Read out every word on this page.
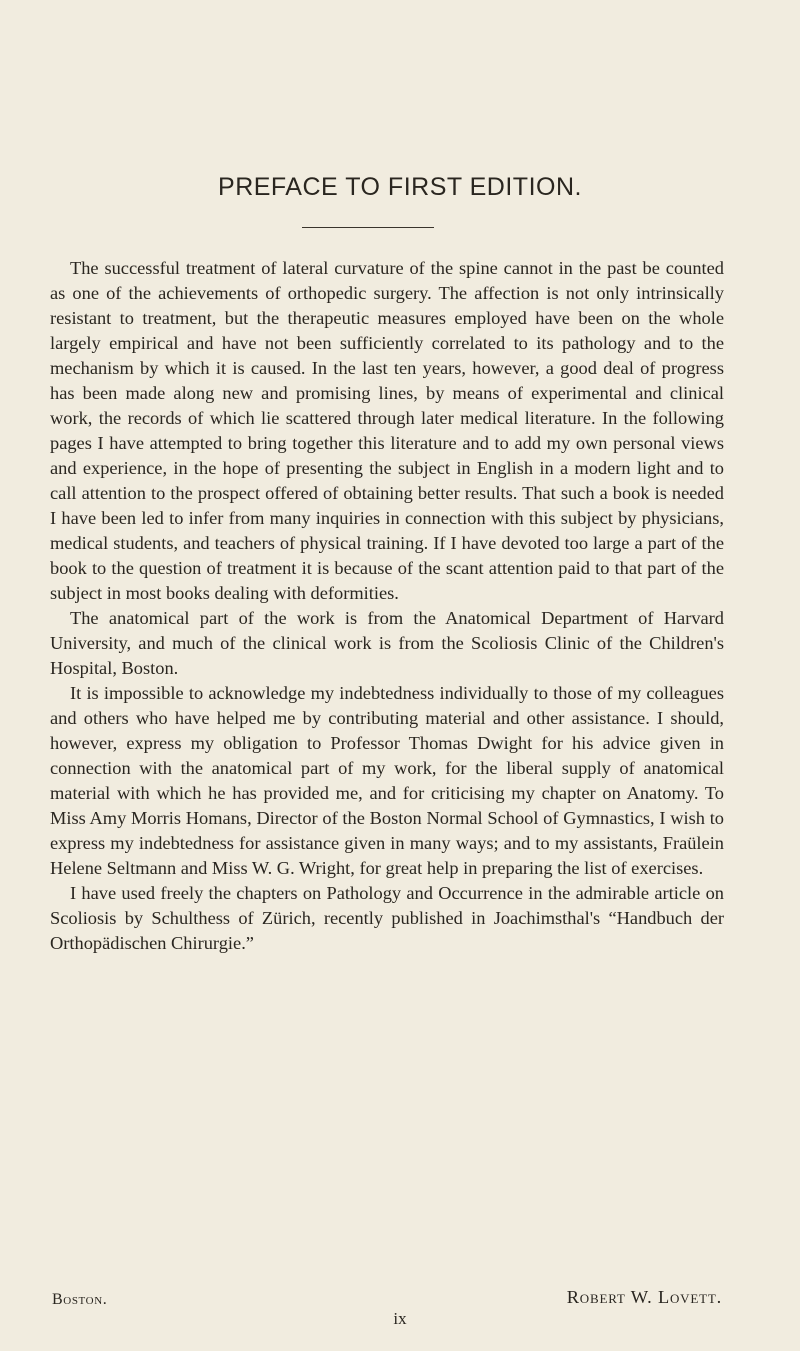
PREFACE TO FIRST EDITION.

The successful treatment of lateral curvature of the spine cannot in the past be counted as one of the achievements of orthopedic surgery. The affection is not only intrinsically resistant to treatment, but the therapeutic measures employed have been on the whole largely empirical and have not been sufficiently correlated to its pathology and to the mechanism by which it is caused. In the last ten years, however, a good deal of progress has been made along new and promising lines, by means of experimental and clinical work, the records of which lie scattered through later medical literature. In the following pages I have attempted to bring together this literature and to add my own personal views and experience, in the hope of presenting the subject in English in a modern light and to call attention to the prospect offered of obtaining better results. That such a book is needed I have been led to infer from many inquiries in connection with this subject by physicians, medical students, and teachers of physical training. If I have devoted too large a part of the book to the question of treatment it is because of the scant attention paid to that part of the subject in most books dealing with deformities.

The anatomical part of the work is from the Anatomical Department of Harvard University, and much of the clinical work is from the Scoliosis Clinic of the Children's Hospital, Boston.

It is impossible to acknowledge my indebtedness individually to those of my colleagues and others who have helped me by contributing material and other assistance. I should, however, express my obligation to Professor Thomas Dwight for his advice given in connection with the anatomical part of my work, for the liberal supply of anatomical material with which he has provided me, and for criticising my chapter on Anatomy. To Miss Amy Morris Homans, Director of the Boston Normal School of Gymnastics, I wish to express my indebtedness for assistance given in many ways; and to my assistants, Fraülein Helene Seltmann and Miss W. G. Wright, for great help in preparing the list of exercises.

I have used freely the chapters on Pathology and Occurrence in the admirable article on Scoliosis by Schulthess of Zürich, recently published in Joachimsthal's “Handbuch der Orthopädischen Chirurgie.”

Boston.	Robert W. Lovett.
ix
